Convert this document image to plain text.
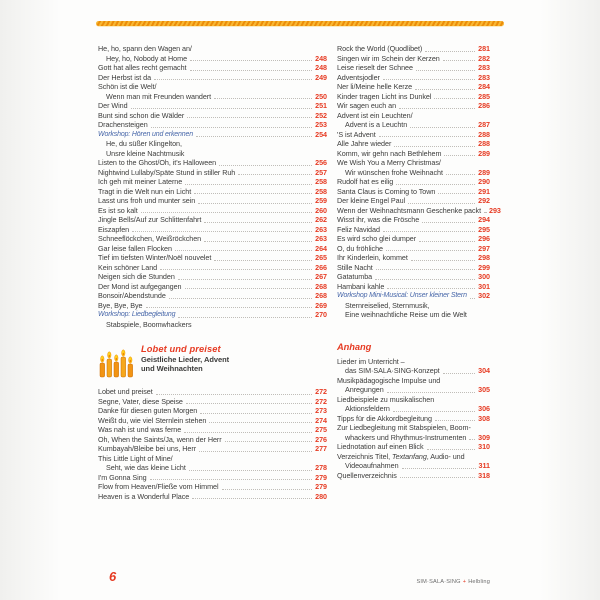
He, ho, spann den Wagen an/
Hey, ho, Nobody at Home	248
Gott hat alles recht gemacht	248
Der Herbst ist da	249
Schön ist die Welt/
Wenn man mit Freunden wandert	250
Der Wind	251
Bunt sind schon die Wälder	252
Drachensteigen	253
Workshop: Hören und erkennen	254
He, du süßer Klingelton,
Unsre kleine Nachtmusik
Listen to the Ghost/Oh, it's Halloween	256
Nightwind Lullaby/Späte Stund in stiller Ruh	257
Ich geh mit meiner Laterne	258
Tragt in die Welt nun ein Licht	258
Lasst uns froh und munter sein	259
Es ist so kalt	260
Jingle Bells/Auf zur Schlittenfahrt	262
Eiszapfen	263
Schneeflöckchen, Weißröckchen	263
Gar leise fallen Flocken	264
Tief im tiefsten Winter/Noël nouvelet	265
Kein schöner Land	266
Neigen sich die Stunden	267
Der Mond ist aufgegangen	268
Bonsoir/Abendstunde	268
Bye, Bye, Bye	269
Workshop: Liedbegleitung	270
Stabspiele, Boomwhackers
Lobet und preiset
Geistliche Lieder, Advent
und Weihnachten
Lobet und preiset	272
Segne, Vater, diese Speise	272
Danke für diesen guten Morgen	273
Weißt du, wie viel Sternlein stehen	274
Was nah ist und was ferne	275
Oh, When the Saints/Ja, wenn der Herr	276
Kumbayah/Bleibe bei uns, Herr	277
This Little Light of Mine/
Seht, wie das kleine Licht	278
I'm Gonna Sing	279
Flow from Heaven/Fließe vom Himmel	279
Heaven is a Wonderful Place	280
Rock the World (Quodlibet)	281
Singen wir im Schein der Kerzen	282
Leise rieselt der Schnee	283
Adventsjodler	283
Ner li/Meine helle Kerze	284
Kinder tragen Licht ins Dunkel	285
Wir sagen euch an	286
Advent ist ein Leuchten/
Advent is a Leuchtn	287
'S ist Advent	288
Alle Jahre wieder	288
Komm, wir gehn nach Bethlehem	289
We Wish You a Merry Christmas/
Wir wünschen frohe Weihnacht	289
Rudolf hat es eilig	290
Santa Claus is Coming to Town	291
Der kleine Engel Paul	292
Wenn der Weihnachtsmann Geschenke packt 293
Wisst ihr, was die Frösche	294
Feliz Navidad	295
Es wird scho glei dumper	296
O, du fröhliche	297
Ihr Kinderlein, kommet	298
Stille Nacht	299
Gatatumba	300
Hambani kahle	301
Workshop Mini-Musical: Unser kleiner Stern 302
Sternreiselied, Sternmusik,
Eine weihnachtliche Reise um die Welt
Anhang
Lieder im Unterricht –
das SIM·SALA·SING-Konzept	304
Musikpädagogische Impulse und
Anregungen	305
Liedbeispiele zu musikalischen
Aktionsfeldern	306
Tipps für die Akkordbegleitung	308
Zur Liedbegleitung mit Stabspielen, Boom-
whackers und Rhythmus-Instrumenten 309
Liednotation auf einen Blick	310
Verzeichnis Titel, Textanfang, Audio- und
Videoaufnahmen	311
Quellenverzeichnis	318
6	SIM·SALA·SING + Helbling
